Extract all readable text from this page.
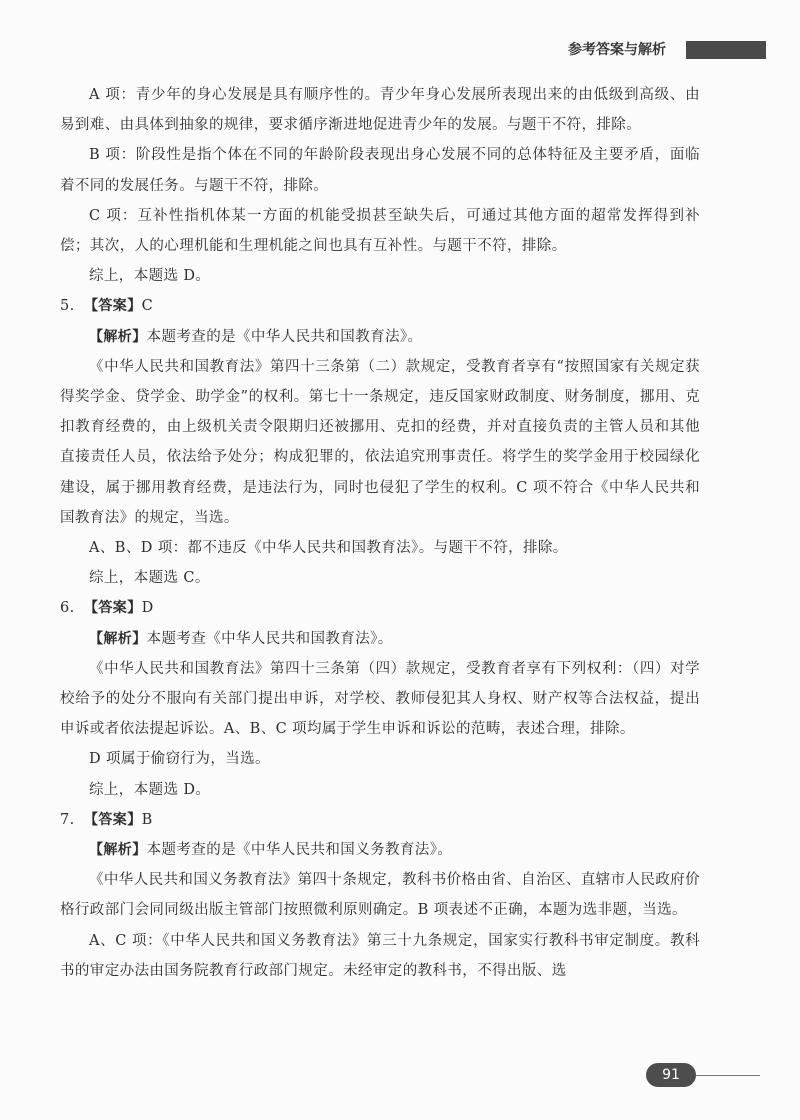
参考答案与解析

A 项：青少年的身心发展是具有顺序性的。青少年身心发展所表现出来的由低级到高级、由易到难、由具体到抽象的规律，要求循序渐进地促进青少年的发展。与题干不符，排除。

B 项：阶段性是指个体在不同的年龄阶段表现出身心发展不同的总体特征及主要矛盾，面临着不同的发展任务。与题干不符，排除。

C 项：互补性指机体某一方面的机能受损甚至缺失后，可通过其他方面的超常发挥得到补偿；其次，人的心理机能和生理机能之间也具有互补性。与题干不符，排除。

综上，本题选 D。

5. 【答案】C

【解析】本题考查的是《中华人民共和国教育法》。

《中华人民共和国教育法》第四十三条第（二）款规定，受教育者享有“按照国家有关规定获得奖学金、贷学金、助学金”的权利。第七十一条规定，违反国家财政制度、财务制度，挪用、克扣教育经费的，由上级机关责令限期归还被挪用、克扣的经费，并对直接负责的主管人员和其他直接责任人员，依法给予处分；构成犯罪的，依法追究刑事责任。将学生的奖学金用于校园绿化建设，属于挪用教育经费，是违法行为，同时也侵犯了学生的权利。C 项不符合《中华人民共和国教育法》的规定，当选。

A、B、D 项：都不违反《中华人民共和国教育法》。与题干不符，排除。

综上，本题选 C。

6. 【答案】D

【解析】本题考查《中华人民共和国教育法》。

《中华人民共和国教育法》第四十三条第（四）款规定，受教育者享有下列权利：（四）对学校给予的处分不服向有关部门提出申诉，对学校、教师侵犯其人身权、财产权等合法权益，提出申诉或者依法提起诉讼。A、B、C 项均属于学生申诉和诉讼的范畴，表述合理，排除。

D 项属于偷窃行为，当选。

综上，本题选 D。

7. 【答案】B

【解析】本题考查的是《中华人民共和国义务教育法》。

《中华人民共和国义务教育法》第四十条规定，教科书价格由省、自治区、直辖市人民政府价格行政部门会同同级出版主管部门按照微利原则确定。B 项表述不正确，本题为选非题，当选。

A、C 项：《中华人民共和国义务教育法》第三十九条规定，国家实行教科书审定制度。教科书的审定办法由国务院教育行政部门规定。未经审定的教科书，不得出版、选

91
